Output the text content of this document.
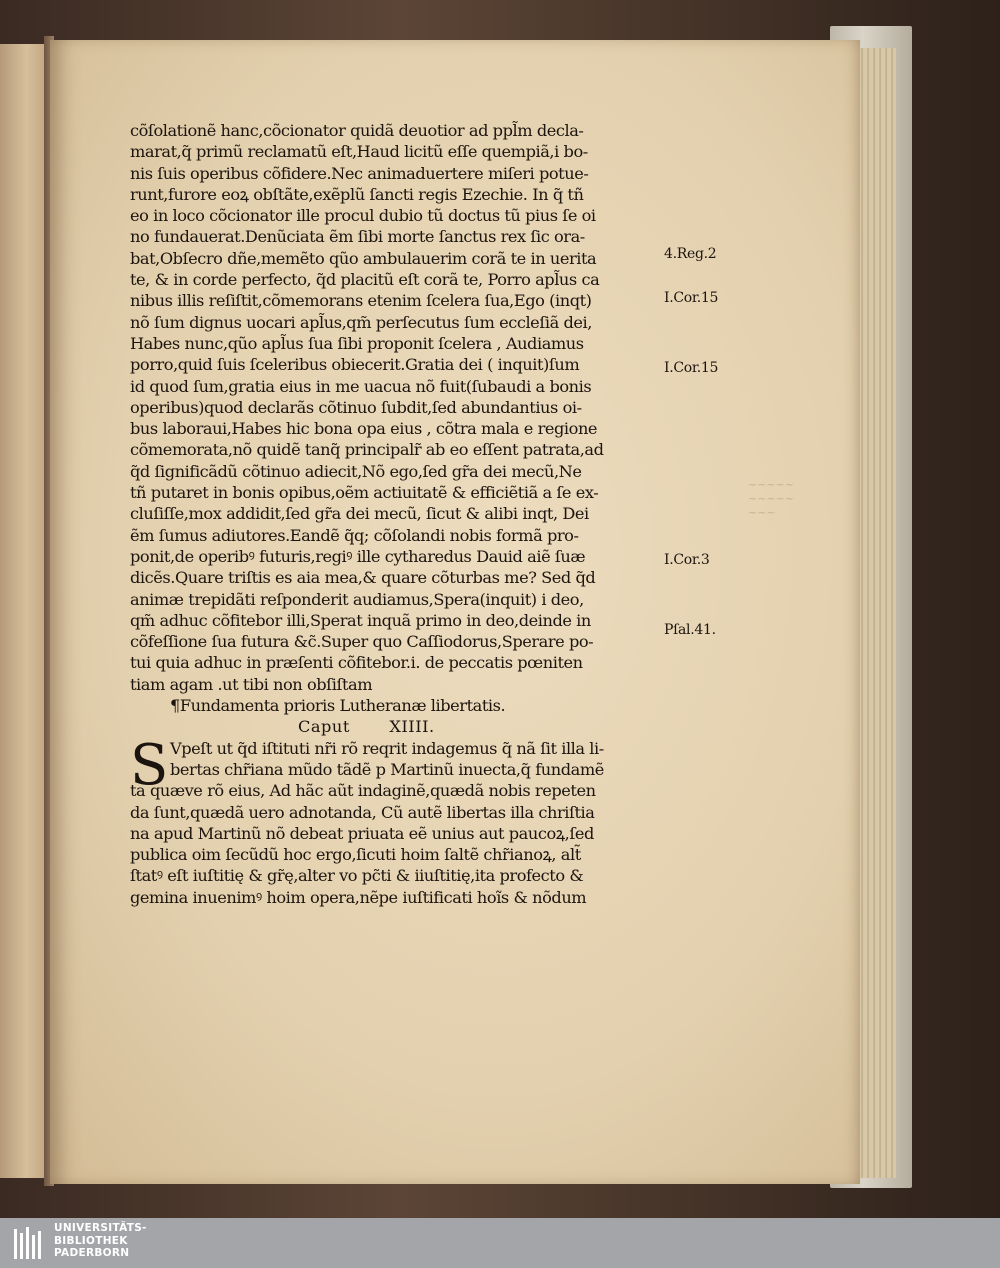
~~~~~
~~~~~
~~~
cõſolationẽ hanc,cõcionator quidã deuotior ad ppl̃m decla-
marat,q̃ primũ reclamatũ eſt,Haud licitũ eſſe quempiã,i bo-
nis ſuis operibus cõfidere.Nec animaduertere miſeri potue-
runt,furore eoꝝ obſtãte,exẽplũ ſancti regis Ezechie. In q̃ tñ
eo in loco cõcionator ille procul dubio tũ doctus tũ pius ſe oi
no fundauerat.Denũciata ẽm ſibi morte ſanctus rex ſic ora-
bat,Obſecro dñe,memẽto qũo ambulauerim corã te in uerita
te, & in corde perfecto, q̃d placitũ eſt corã te, Porro apl̃us ca
nibus illis reſiſtit,cõmemorans etenim ſcelera ſua,Ego (inqt)
nõ ſum dignus uocari apl̃us,qm̃ perſecutus ſum eccleſiã dei,
Habes nunc,qũo apl̃us ſua ſibi proponit ſcelera , Audiamus
porro,quid ſuis ſceleribus obiecerit.Gratia dei ( inquit)ſum
id quod ſum,gratia eius in me uacua nõ fuit(ſubaudi a bonis
operibus)quod declarãs cõtinuo ſubdit,ſed abundantius oi-
bus laboraui,Habes hic bona opa eius , cõtra mala e regione
cõmemorata,nõ quidẽ tanq̃ principalr̃ ab eo eſſent patrata,ad
q̃d ſignificãdũ cõtinuo adiecit,Nõ ego,ſed gr̃a dei mecũ,Ne
tñ putaret in bonis opibus,oẽm actiuitatẽ & efficiẽtiã a ſe ex-
cluſiſſe,mox addidit,ſed gr̃a dei mecũ, ſicut & alibi inqt, Dei
ẽm ſumus adiutores.Eandẽ q̃q; cõſolandi nobis formã pro-
ponit,de operibꝰ futuris,regiꝰ ille cytharedus Dauid aiẽ ſuæ
dicẽs.Quare triſtis es aia mea,& quare cõturbas me? Sed q̃d
animæ trepidãti reſponderit audiamus,Spera(inquit) i deo,
qm̃ adhuc cõfitebor illi,Sperat inquã primo in deo,deinde in
cõfeſſione ſua futura &c̃.Super quo Caſſiodorus,Sperare po-
tui quia adhuc in præſenti cõfitebor.i. de peccatis pœniten
tiam agam .ut tibi non obſiſtam
¶Fundamenta prioris Lutheranæ libertatis.
Caput XIIII.
S Vpeſt ut q̃d iſtituti nr̃i rõ reqrit indagemus q̃ nã ſit illa li-
bertas chr̃iana mũdo tãdẽ p Martinũ inuecta,q̃ fundamẽ
ta quæve rõ eius, Ad hãc aũt indaginẽ,quædã nobis repeten
da ſunt,quædã uero adnotanda, Cũ autẽ libertas illa chriſtia
na apud Martinũ nõ debeat priuata eẽ unius aut paucoꝝ,ſed
publica oim ſecũdũ hoc ergo,ſicuti hoim ſaltẽ chr̃ianoꝝ, alt̃
ſtatꝰ eſt iuſtitię & gr̃ę,alter vo pc̃ti & iiuſtitię,ita profecto &
gemina inuenimꝰ hoim opera,nẽpe iuſtificati hoĩs & nõdum
4.Reg.2
I.Cor.15
I.Cor.15
I.Cor.3
Pſal.41.
UNIVERSITÄTS-
BIBLIOTHEK
PADERBORN
